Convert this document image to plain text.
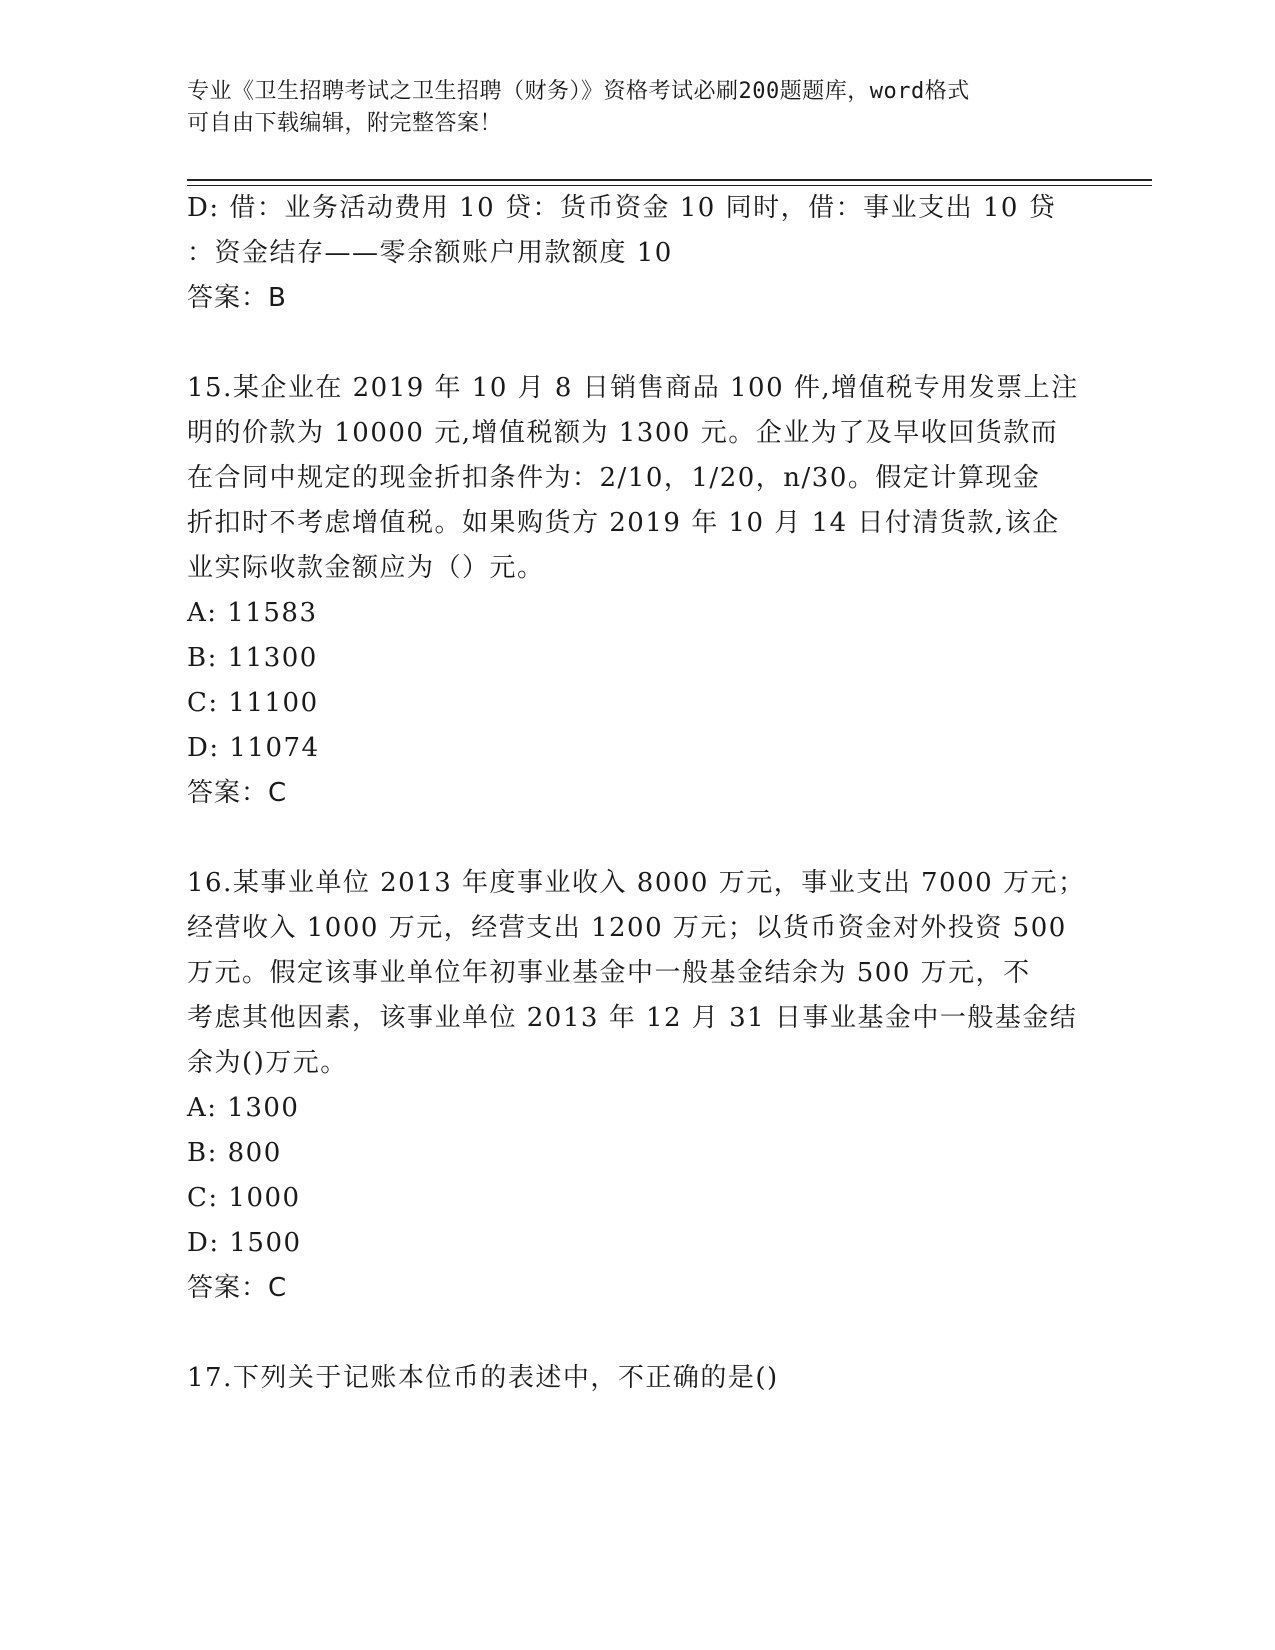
专业《卫生招聘考试之卫生招聘（财务）》资格考试必刷200题题库，word格式
可自由下载编辑，附完整答案！
D: 借：业务活动费用 10 贷：货币资金 10 同时，借：事业支出 10 贷
：资金结存——零余额账户用款额度 10
答案：B
15.某企业在 2019 年 10 月 8 日销售商品 100 件,增值税专用发票上注
明的价款为 10000 元,增值税额为 1300 元。企业为了及早收回货款而
在合同中规定的现金折扣条件为：2/10，1/20，n/30。假定计算现金
折扣时不考虑增值税。如果购货方 2019 年 10 月 14 日付清货款,该企
业实际收款金额应为（）元。
A: 11583
B: 11300
C: 11100
D: 11074
答案：C
16.某事业单位 2013 年度事业收入 8000 万元，事业支出 7000 万元；
经营收入 1000 万元，经营支出 1200 万元；以货币资金对外投资 500
万元。假定该事业单位年初事业基金中一般基金结余为 500 万元，不
考虑其他因素，该事业单位 2013 年 12 月 31 日事业基金中一般基金结
余为()万元。
A: 1300
B: 800
C: 1000
D: 1500
答案：C
17.下列关于记账本位币的表述中，不正确的是()
